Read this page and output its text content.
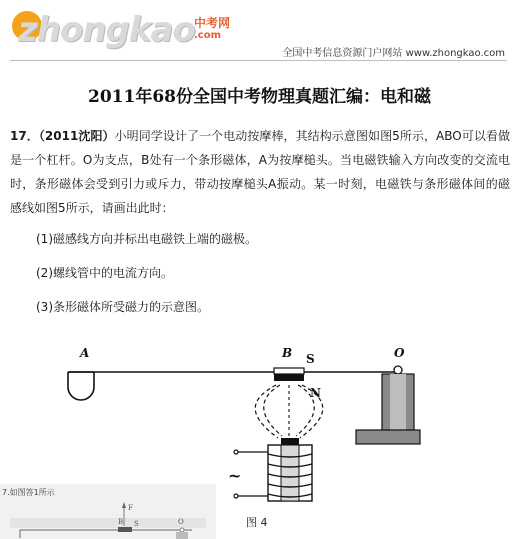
zhongkao 中考网
.com
全国中考信息资源门户网站 www.zhongkao.com
2011年68份全国中考物理真题汇编：电和磁
17．（2011沈阳）小明同学设计了一个电动按摩棒，其结构示意图如图5所示，ABO可以看做是一个杠杆。O为支点，B处有一个条形磁体，A为按摩槌头。当电磁铁输入方向改变的交流电时，条形磁体会受到引力或斥力，带动按摩槌头A振动。某一时刻，电磁铁与条形磁体间的磁感线如图5所示，请画出此时：
(1)磁感线方向并标出电磁铁上端的磁极。
(2)螺线管中的电流方向。
(3)条形磁体所受磁力的示意图。
A	B S	O
N
~
图 4
7.如图答1所示
F
B S	O
